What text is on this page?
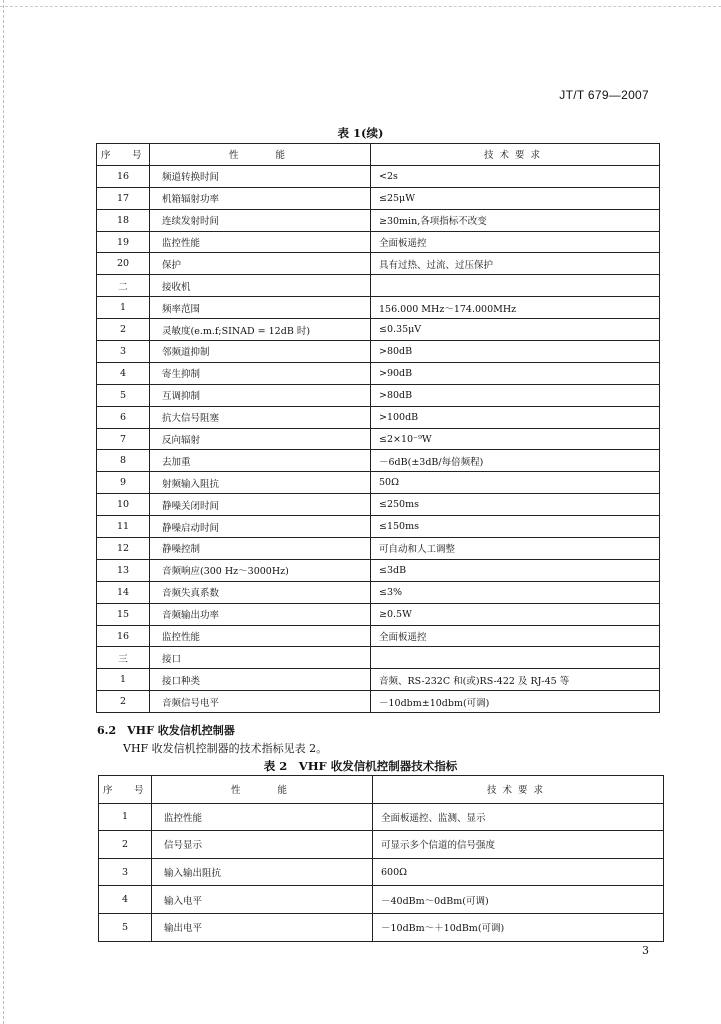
JT/T 679—2007
表 1(续)
序　号	性　　能	技术要求
16	频道转换时间	<2s
17	机箱辐射功率	≤25μW
18	连续发射时间	≥30min,各项指标不改变
19	监控性能	全面板遥控
20	保护	具有过热、过流、过压保护
二	接收机	
1	频率范围	156.000 MHz～174.000MHz
2	灵敏度(e.m.f;SINAD = 12dB 时)	≤0.35μV
3	邻频道抑制	>80dB
4	寄生抑制	>90dB
5	互调抑制	>80dB
6	抗大信号阻塞	>100dB
7	反向辐射	≤2×10⁻⁹W
8	去加重	－6dB(±3dB/每倍频程)
9	射频输入阻抗	50Ω
10	静噪关闭时间	≤250ms
11	静噪启动时间	≤150ms
12	静噪控制	可自动和人工调整
13	音频响应(300 Hz～3000Hz)	≤3dB
14	音频失真系数	≤3%
15	音频输出功率	≥0.5W
16	监控性能	全面板遥控
三	接口	
1	接口种类	音频、RS-232C 和(或)RS-422 及 RJ-45 等
2	音频信号电平	－10dbm±10dbm(可调)
6.2　VHF 收发信机控制器
VHF 收发信机控制器的技术指标见表 2。
表 2　VHF 收发信机控制器技术指标
序　号	性　　能	技术要求
1	监控性能	全面板遥控、监测、显示
2	信号显示	可显示多个信道的信号强度
3	输入输出阻抗	600Ω
4	输入电平	－40dBm～0dBm(可调)
5	输出电平	－10dBm～＋10dBm(可调)
3
